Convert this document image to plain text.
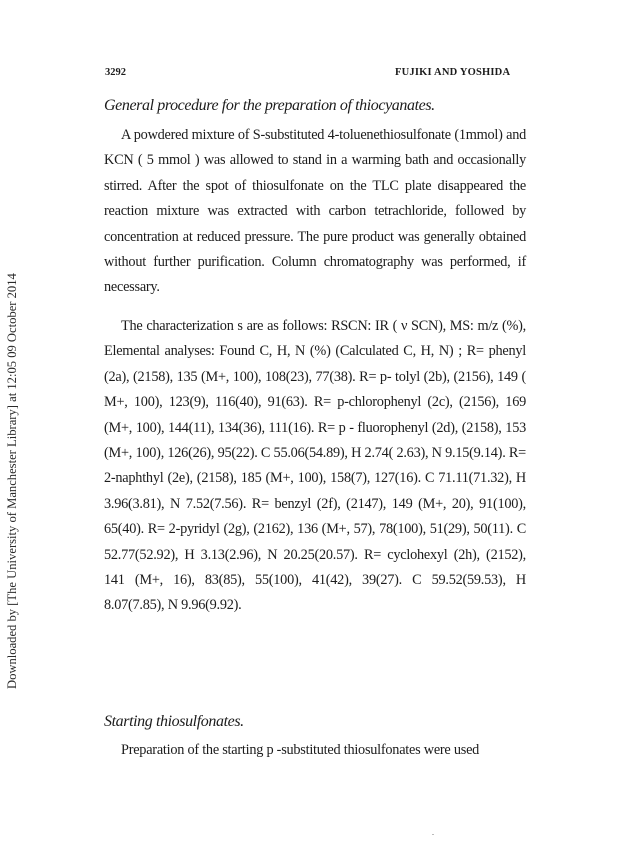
Downloaded by [The University of Manchester Library] at 12:05 09 October 2014
3292	FUJIKI AND YOSHIDA
General procedure for the preparation of thiocyanates.

A powdered mixture of S-substituted 4-toluenethiosulfonate (1mmol) and KCN ( 5 mmol ) was allowed to stand in a warming bath and occasionally stirred. After the spot of thiosulfonate on the TLC plate disappeared the reaction mixture was extracted with carbon tetrachloride, followed by concentration at reduced pressure. The pure product was generally obtained without further purification. Column chromatography was performed, if necessary.

The characterization s are as follows: RSCN: IR ( ν SCN), MS: m/z (%), Elemental analyses: Found C, H, N (%) (Calculated C, H, N) ; R= phenyl (2a), (2158), 135 (M+, 100), 108(23), 77(38). R= p- tolyl (2b), (2156), 149 ( M+, 100), 123(9), 116(40), 91(63). R= p-chlorophenyl (2c), (2156), 169 (M+, 100), 144(11), 134(36), 111(16). R= p - fluorophenyl (2d), (2158), 153 (M+, 100), 126(26), 95(22). C 55.06(54.89), H 2.74( 2.63), N 9.15(9.14). R= 2-naphthyl (2e), (2158), 185 (M+, 100), 158(7), 127(16). C 71.11(71.32), H 3.96(3.81), N 7.52(7.56). R= benzyl (2f), (2147), 149 (M+, 20), 91(100), 65(40). R= 2-pyridyl (2g), (2162), 136 (M+, 57), 78(100), 51(29), 50(11). C 52.77(52.92), H 3.13(2.96), N 20.25(20.57). R= cyclohexyl (2h), (2152), 141 (M+, 16), 83(85), 55(100), 41(42), 39(27). C 59.52(59.53), H 8.07(7.85), N 9.96(9.92).

Starting thiosulfonates.

Preparation of the starting p -substituted thiosulfonates were used
